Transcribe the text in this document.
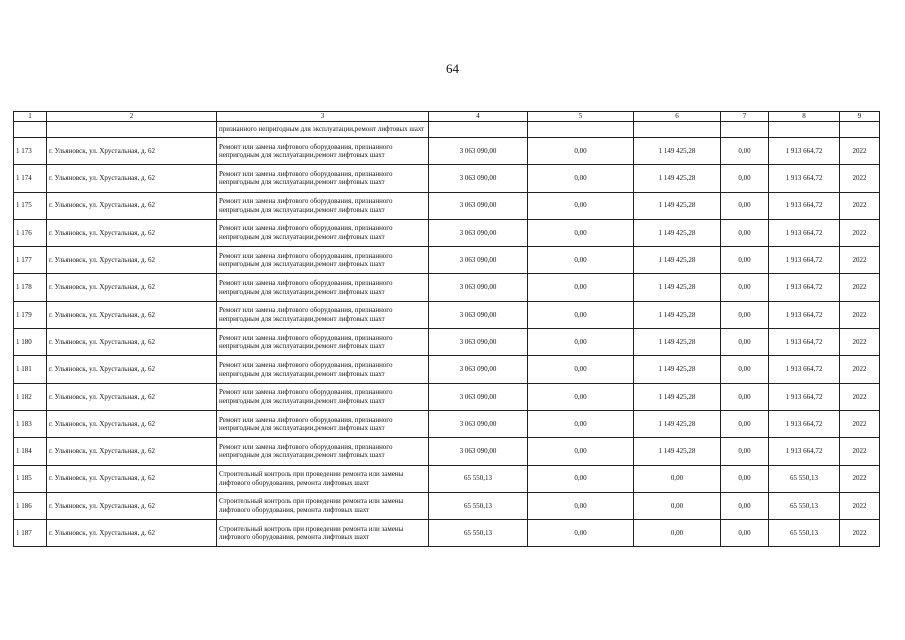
64
1	2	3	4	5	6	7	8	9
		признанного непригодным для эксплуатации,ремонт лифтовых шахт						
1 173	г. Ульяновск, ул. Хрустальная, д. 62	Ремонт или замена лифтового оборудования, признанного непригодным для эксплуатации,ремонт лифтовых шахт	3 063 090,00	0,00	1 149 425,28	0,00	1 913 664,72	2022
1 174	г. Ульяновск, ул. Хрустальная, д. 62	Ремонт или замена лифтового оборудования, признанного непригодным для эксплуатации,ремонт лифтовых шахт	3 063 090,00	0,00	1 149 425,28	0,00	1 913 664,72	2022
1 175	г. Ульяновск, ул. Хрустальная, д. 62	Ремонт или замена лифтового оборудования, признанного непригодным для эксплуатации,ремонт лифтовых шахт	3 063 090,00	0,00	1 149 425,28	0,00	1 913 664,72	2022
1 176	г. Ульяновск, ул. Хрустальная, д. 62	Ремонт или замена лифтового оборудования, признанного непригодным для эксплуатации,ремонт лифтовых шахт	3 063 090,00	0,00	1 149 425,28	0,00	1 913 664,72	2022
1 177	г. Ульяновск, ул. Хрустальная, д. 62	Ремонт или замена лифтового оборудования, признанного непригодным для эксплуатации,ремонт лифтовых шахт	3 063 090,00	0,00	1 149 425,28	0,00	1 913 664,72	2022
1 178	г. Ульяновск, ул. Хрустальная, д. 62	Ремонт или замена лифтового оборудования, признанного непригодным для эксплуатации,ремонт лифтовых шахт	3 063 090,00	0,00	1 149 425,28	0,00	1 913 664,72	2022
1 179	г. Ульяновск, ул. Хрустальная, д. 62	Ремонт или замена лифтового оборудования, признанного непригодным для эксплуатации,ремонт лифтовых шахт	3 063 090,00	0,00	1 149 425,28	0,00	1 913 664,72	2022
1 180	г. Ульяновск, ул. Хрустальная, д. 62	Ремонт или замена лифтового оборудования, признанного непригодным для эксплуатации,ремонт лифтовых шахт	3 063 090,00	0,00	1 149 425,28	0,00	1 913 664,72	2022
1 181	г. Ульяновск, ул. Хрустальная, д. 62	Ремонт или замена лифтового оборудования, признанного непригодным для эксплуатации,ремонт лифтовых шахт	3 063 090,00	0,00	1 149 425,28	0,00	1 913 664,72	2022
1 182	г. Ульяновск, ул. Хрустальная, д. 62	Ремонт или замена лифтового оборудования, признанного непригодным для эксплуатации,ремонт лифтовых шахт	3 063 090,00	0,00	1 149 425,28	0,00	1 913 664,72	2022
1 183	г. Ульяновск, ул. Хрустальная, д. 62	Ремонт или замена лифтового оборудования, признанного непригодным для эксплуатации,ремонт лифтовых шахт	3 063 090,00	0,00	1 149 425,28	0,00	1 913 664,72	2022
1 184	г. Ульяновск, ул. Хрустальная, д. 62	Ремонт или замена лифтового оборудования, признанного непригодным для эксплуатации,ремонт лифтовых шахт	3 063 090,00	0,00	1 149 425,28	0,00	1 913 664,72	2022
1 185	г. Ульяновск, ул. Хрустальная, д. 62	Строительный контроль при проведении ремонта или замены лифтового оборудования, ремонта лифтовых шахт	65 550,13	0,00	0,00	0,00	65 550,13	2022
1 186	г. Ульяновск, ул. Хрустальная, д. 62	Строительный контроль при проведении ремонта или замены лифтового оборудования, ремонта лифтовых шахт	65 550,13	0,00	0,00	0,00	65 550,13	2022
1 187	г. Ульяновск, ул. Хрустальная, д. 62	Строительный контроль при проведении ремонта или замены лифтового оборудования, ремонта лифтовых шахт	65 550,13	0,00	0,00	0,00	65 550,13	2022
